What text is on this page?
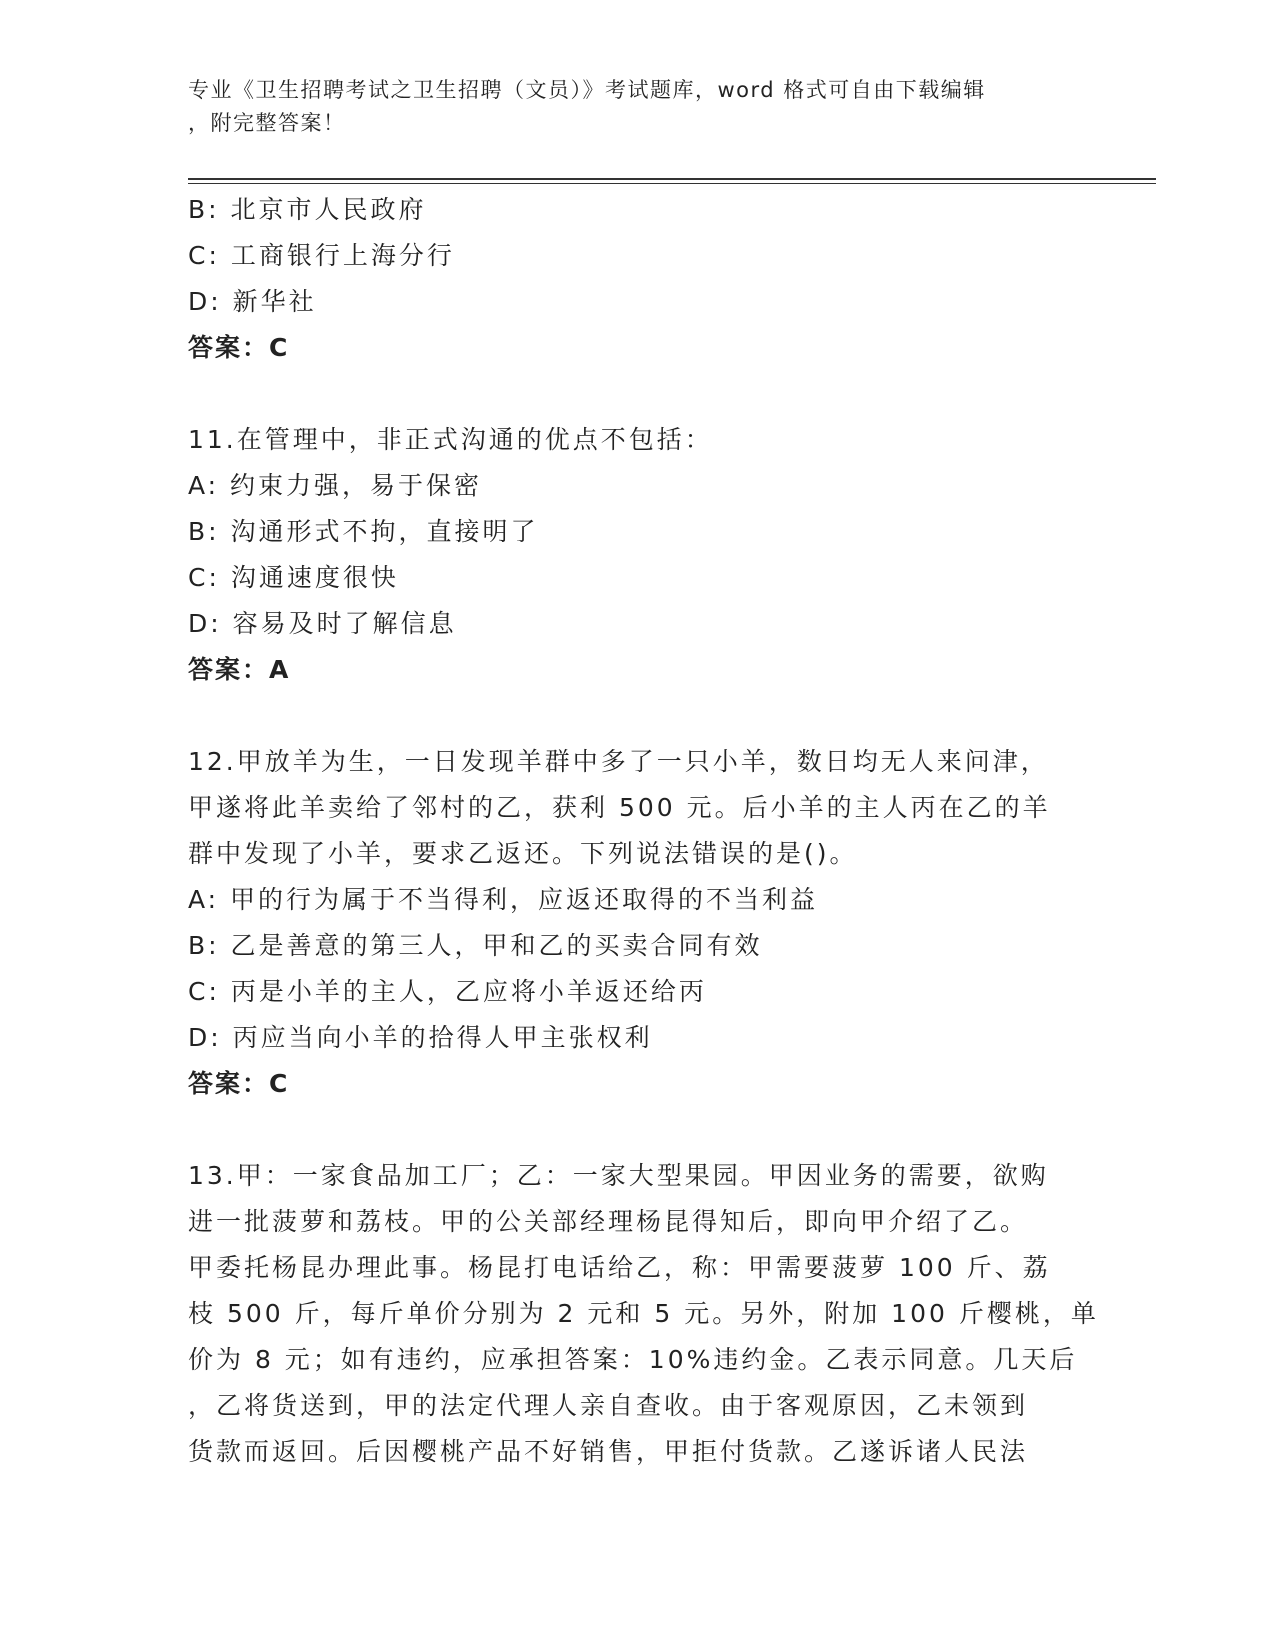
专业《卫生招聘考试之卫生招聘（文员）》考试题库，word 格式可自由下载编辑
，附完整答案！
B: 北京市人民政府
C: 工商银行上海分行
D: 新华社
答案：C
11.在管理中，非正式沟通的优点不包括：
A: 约束力强，易于保密
B: 沟通形式不拘，直接明了
C: 沟通速度很快
D: 容易及时了解信息
答案：A
12.甲放羊为生，一日发现羊群中多了一只小羊，数日均无人来问津，
甲遂将此羊卖给了邻村的乙，获利 500 元。后小羊的主人丙在乙的羊
群中发现了小羊，要求乙返还。下列说法错误的是()。
A: 甲的行为属于不当得利，应返还取得的不当利益
B: 乙是善意的第三人，甲和乙的买卖合同有效
C: 丙是小羊的主人，乙应将小羊返还给丙
D: 丙应当向小羊的拾得人甲主张权利
答案：C
13.甲：一家食品加工厂；乙：一家大型果园。甲因业务的需要，欲购
进一批菠萝和荔枝。甲的公关部经理杨昆得知后，即向甲介绍了乙。
甲委托杨昆办理此事。杨昆打电话给乙，称：甲需要菠萝 100 斤、荔
枝 500 斤，每斤单价分别为 2 元和 5 元。另外，附加 100 斤樱桃，单
价为 8 元；如有违约，应承担答案：10%违约金。乙表示同意。几天后
，乙将货送到，甲的法定代理人亲自查收。由于客观原因，乙未领到
货款而返回。后因樱桃产品不好销售，甲拒付货款。乙遂诉诸人民法
